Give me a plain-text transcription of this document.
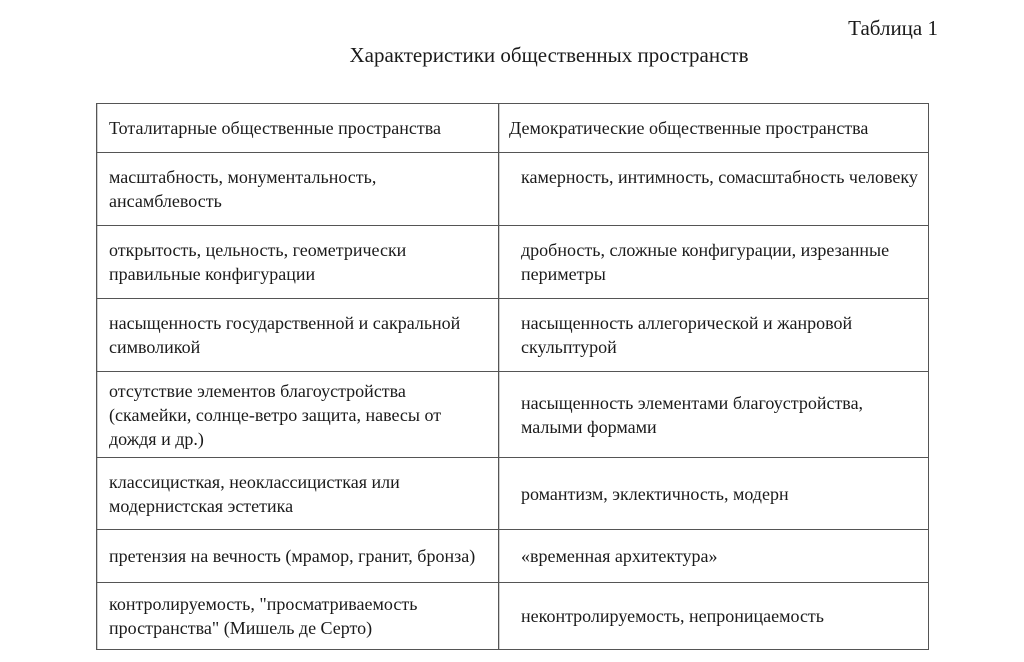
Таблица 1
Характеристики общественных пространств
Тоталитарные общественные пространства	Демократические общественные пространства
масштабность, монументальность, ансамблевость
камерность, интимность, сомасштабность человеку
открытость, цельность, геометрически правильные конфигурации
дробность, сложные конфигурации, изрезанные периметры
насыщенность государственной и сакральной символикой
насыщенность аллегорической и жанровой скульптурой
отсутствие элементов благоустройства (скамейки, солнце-ветро защита, навесы от дождя и др.)
насыщенность элементами благоустройства, малыми формами
классицисткая, неоклассицисткая или модернистская эстетика
романтизм, эклектичность, модерн
претензия на вечность (мрамор, гранит, бронза)	«временная архитектура»
контролируемость, "просматриваемость пространства" (Мишель де Серто)
неконтролируемость, непроницаемость
